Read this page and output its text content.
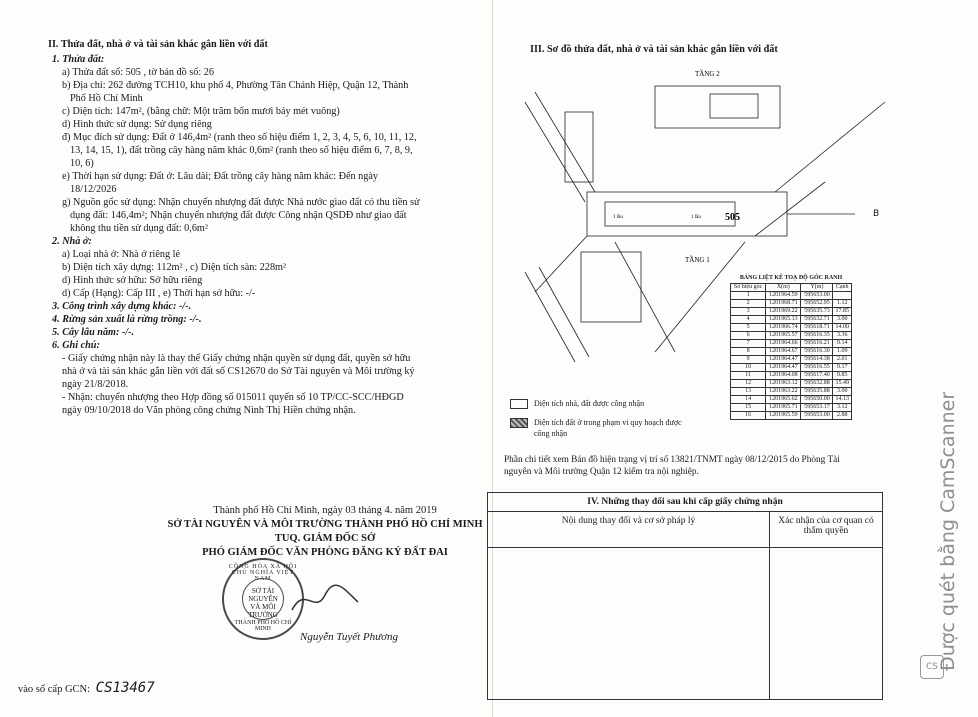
II. Thửa đất, nhà ở và tài sản khác gắn liền với đất
1. Thửa đất:
a) Thửa đất số: 505 , tờ bản đồ số: 26
b) Địa chỉ: 262 đường TCH10, khu phố 4, Phường Tân Chánh Hiệp, Quận 12, Thành
Phố Hồ Chí Minh
c) Diện tích: 147m², (bằng chữ: Một trăm bốn mươi bảy mét vuông)
d) Hình thức sử dụng: Sử dụng riêng
đ) Mục đích sử dụng: Đất ở 146,4m² (ranh theo số hiệu điểm 1, 2, 3, 4, 5, 6, 10, 11, 12,
13, 14, 15, 1), đất trồng cây hàng năm khác 0,6m² (ranh theo số hiệu điểm 6, 7, 8, 9,
10, 6)
e) Thời hạn sử dụng: Đất ở: Lâu dài; Đất trồng cây hàng năm khác: Đến ngày
18/12/2026
g) Nguồn gốc sử dụng: Nhận chuyển nhượng đất được Nhà nước giao đất có thu tiền sử
dụng đất: 146,4m²; Nhận chuyển nhượng đất được Công nhận QSDĐ như giao đất
không thu tiền sử dụng đất: 0,6m²
2. Nhà ở:
a) Loại nhà ở: Nhà ở riêng lẻ
b) Diện tích xây dựng: 112m² , c) Diện tích sàn: 228m²
d) Hình thức sở hữu: Sở hữu riêng
d) Cấp (Hạng): Cấp III , e) Thời hạn sở hữu: -/-
3. Công trình xây dựng khác: -/-.
4. Rừng sản xuất là rừng trồng: -/-.
5. Cây lâu năm: -/-.
6. Ghi chú:
- Giấy chứng nhận này là thay thế Giấy chứng nhận quyền sử dụng đất, quyền sở hữu
nhà ở và tài sản khác gắn liền với đất số CS12670 do Sở Tài nguyên và Môi trường ký
ngày 21/8/2018.
- Nhận: chuyển nhượng theo Hợp đồng số 015011 quyển số 10 TP/CC-SCC/HĐGD
ngày 09/10/2018 do Văn phòng công chứng Ninh Thị Hiền chứng nhận.
Thành phố Hồ Chí Minh, ngày 03 tháng 4. năm 2019
SỞ TÀI NGUYÊN VÀ MÔI TRƯỜNG THÀNH PHỐ HỒ CHÍ MINH
TUQ. GIÁM ĐỐC SỞ
PHÓ GIÁM ĐỐC VĂN PHÒNG ĐĂNG KÝ ĐẤT ĐAI
CỘNG HÒA XÃ HỘI CHỦ NGHĨA VIỆT NAM
SỞ TÀI NGUYÊN VÀ MÔI TRƯỜNG
THÀNH PHỐ HỒ CHÍ MINH
Nguyễn Tuyết Phương
vào sổ cấp GCN: CS13467
III. Sơ đồ thửa đất, nhà ở và tài sản khác gắn liền với đất
TẦNG 2
TẦNG 1
505
1 lầu	1 lầu	B
BẢNG LIỆT KÊ TOẠ ĐỘ GÓC RANH
Số hiệu góc	X(m)	Y(m)	Cạnh
1	1201964.59	595653.00	
2	1201968.71	595652.95	1.12
3	1201969.22	595635.73	17.85
4	1201965.13	595632.71	3.00
5	1201966.74	595618.71	14.00
6	1201965.57	595616.35	3.36
7	1201964.66	595616.21	0.14
8	1201964.67	595616.30	1.09
9	1201964.47	595614.38	2.01
10	1201964.47	595616.55	0.17
11	1201964.08	595617.40	0.85
12	1201963.12	595632.88	15.49
13	1201963.22	595635.88	3.00
14	1201965.62	595650.00	14.13
15	1201965.71	595653.17	3.12
16	1201965.59	595653.00	2.88
Diện tích nhà, đất được công nhận
Diện tích đất ở trong phạm vi quy hoạch được
công nhận
Phần chi tiết xem Bản đồ hiện trạng vị trí số 13821/TNMT ngày 08/12/2015 do Phòng Tài nguyên và Môi trường Quận 12 kiểm tra nội nghiệp.
IV. Những thay đổi sau khi cấp giấy chứng nhận
Nội dung thay đổi và cơ sở pháp lý	Xác nhận của cơ quan có thẩm quyền	Được quét bằng CamScanner
CS
